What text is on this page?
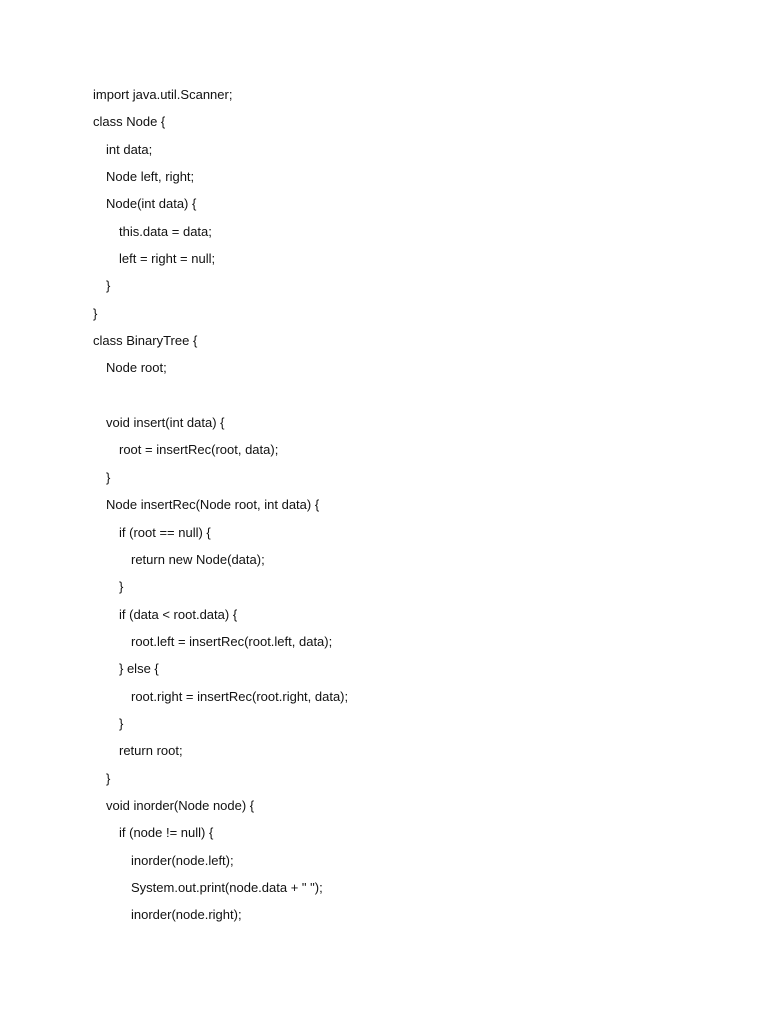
import java.util.Scanner;
class Node {
int data;
Node left, right;
Node(int data) {
this.data = data;
left = right = null;
}
}
class BinaryTree {
Node root;
void insert(int data) {
root = insertRec(root, data);
}
Node insertRec(Node root, int data) {
if (root == null) {
return new Node(data);
}
if (data < root.data) {
root.left = insertRec(root.left, data);
} else {
root.right = insertRec(root.right, data);
}
return root;
}
void inorder(Node node) {
if (node != null) {
inorder(node.left);
System.out.print(node.data + " ");
inorder(node.right);
